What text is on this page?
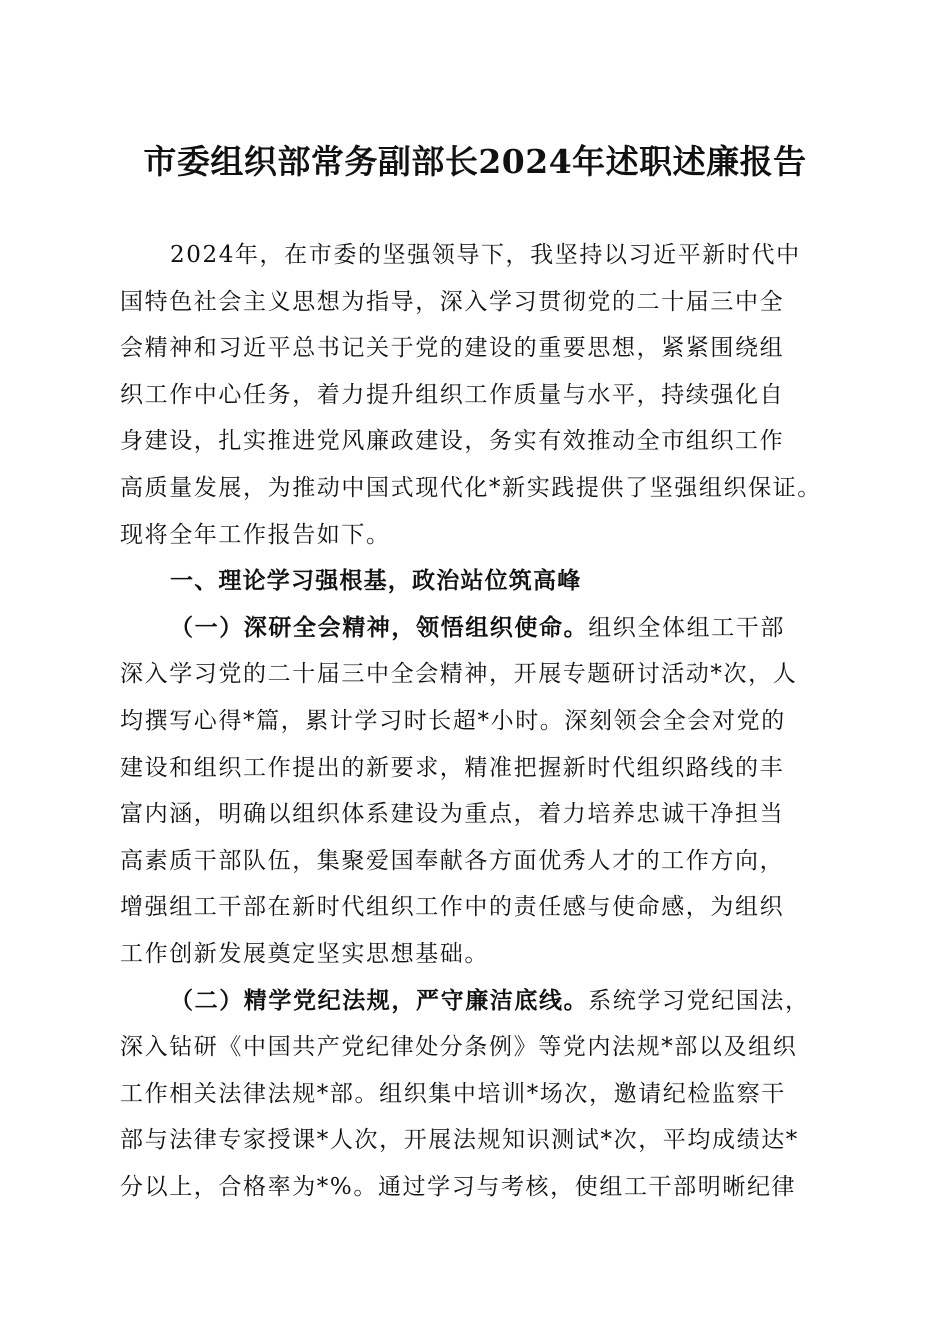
市委组织部常务副部长2024年述职述廉报告
2024年，在市委的坚强领导下，我坚持以习近平新时代中
国特色社会主义思想为指导，深入学习贯彻党的二十届三中全
会精神和习近平总书记关于党的建设的重要思想，紧紧围绕组
织工作中心任务，着力提升组织工作质量与水平，持续强化自
身建设，扎实推进党风廉政建设，务实有效推动全市组织工作
高质量发展，为推动中国式现代化*新实践提供了坚强组织保证。
现将全年工作报告如下。
一、理论学习强根基，政治站位筑高峰
（一）深研全会精神，领悟组织使命。组织全体组工干部
深入学习党的二十届三中全会精神，开展专题研讨活动*次，人
均撰写心得*篇，累计学习时长超*小时。深刻领会全会对党的
建设和组织工作提出的新要求，精准把握新时代组织路线的丰
富内涵，明确以组织体系建设为重点，着力培养忠诚干净担当
高素质干部队伍，集聚爱国奉献各方面优秀人才的工作方向，
增强组工干部在新时代组织工作中的责任感与使命感，为组织
工作创新发展奠定坚实思想基础。
（二）精学党纪法规，严守廉洁底线。系统学习党纪国法，
深入钻研《中国共产党纪律处分条例》等党内法规*部以及组织
工作相关法律法规*部。组织集中培训*场次，邀请纪检监察干
部与法律专家授课*人次，开展法规知识测试*次，平均成绩达*
分以上，合格率为*%。通过学习与考核，使组工干部明晰纪律
